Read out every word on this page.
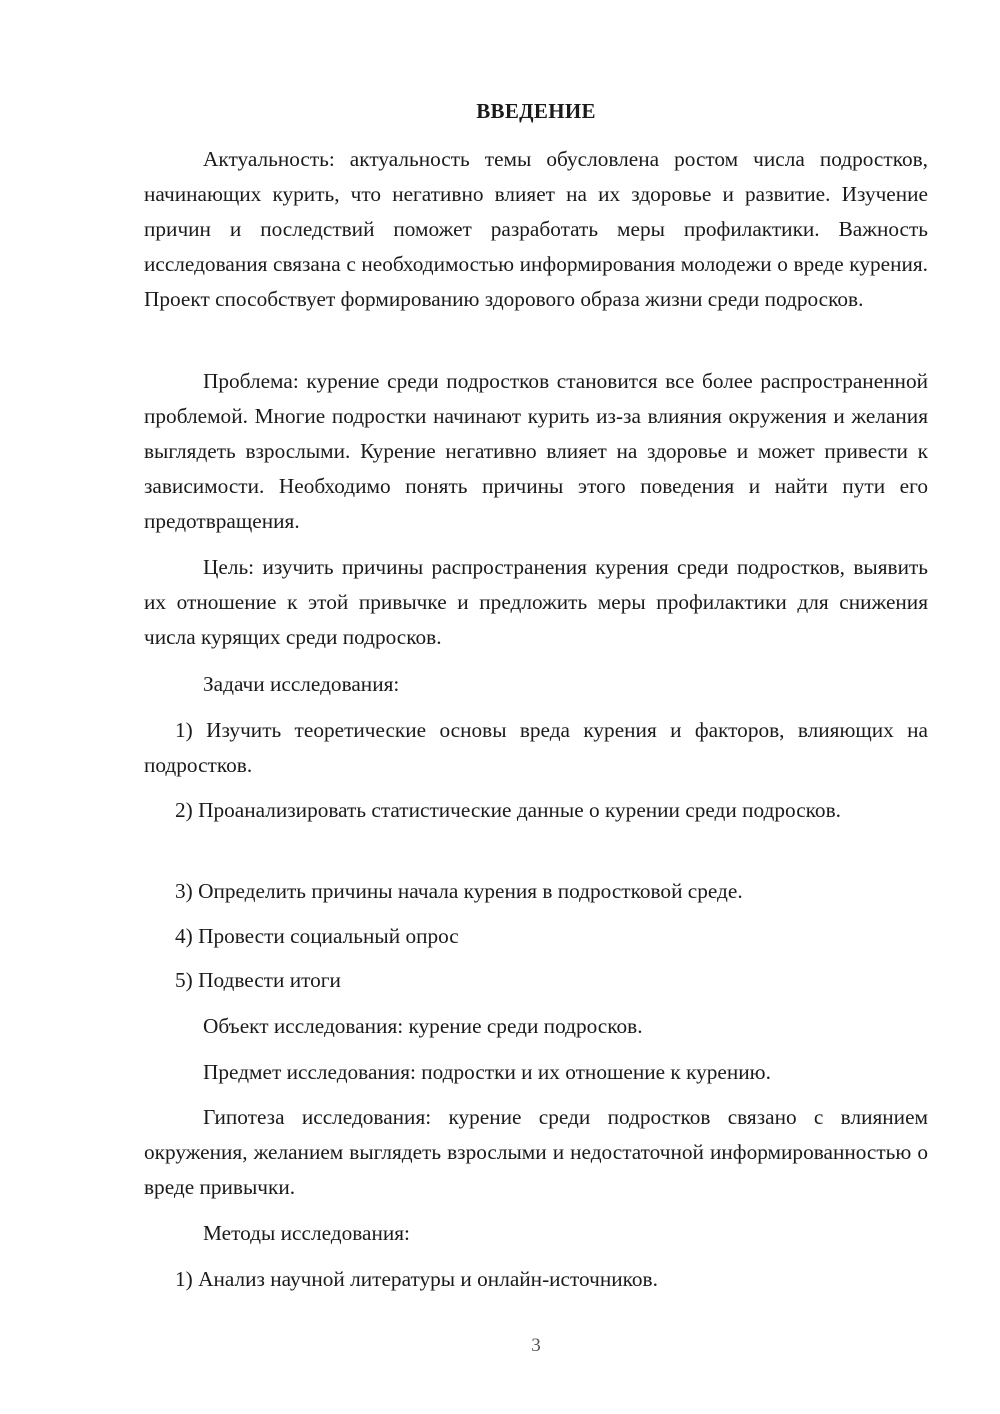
ВВЕДЕНИЕ

Актуальность: актуальность темы обусловлена ростом числа подростков, начинающих курить, что негативно влияет на их здоровье и развитие. Изучение причин и последствий поможет разработать меры профилактики. Важность исследования связана с необходимостью информирования молодежи о вреде курения. Проект способствует формированию здорового образа жизни среди подросков.

Проблема: курение среди подростков становится все более распространенной проблемой. Многие подростки начинают курить из-за влияния окружения и желания выглядеть взрослыми. Курение негативно влияет на здоровье и может привести к зависимости. Необходимо понять причины этого поведения и найти пути его предотвращения.

Цель: изучить причины распространения курения среди подростков, выявить их отношение к этой привычке и предложить меры профилактики для снижения числа курящих среди подросков.

Задачи исследования:

1) Изучить теоретические основы вреда курения и факторов, влияющих на подростков.

2) Проанализировать статистические данные о курении среди подросков.

3) Определить причины начала курения в подростковой среде.

4) Провести социальный опрос

5) Подвести итоги

Объект исследования: курение среди подросков.

Предмет исследования: подростки и их отношение к курению.

Гипотеза исследования: курение среди подростков связано с влиянием окружения, желанием выглядеть взрослыми и недостаточной информированностью о вреде привычки.

Методы исследования:

1) Анализ научной литературы и онлайн-источников.

3
